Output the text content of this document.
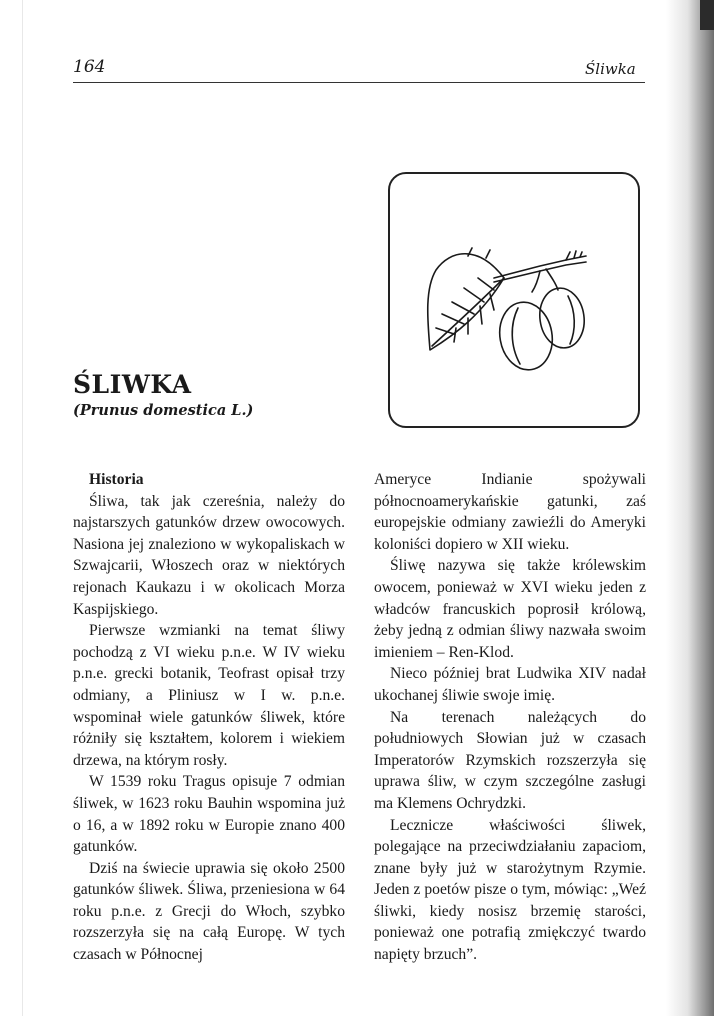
164	Śliwka
ŚLIWKA
(Prunus domestica L.)
Historia

Śliwa, tak jak czereśnia, należy do najstarszych gatunków drzew owocowych. Nasiona jej znaleziono w wykopaliskach w Szwajcarii, Włoszech oraz w niektórych rejonach Kaukazu i w okolicach Morza Kaspijskiego.

Pierwsze wzmianki na temat śliwy pochodzą z VI wieku p.n.e. W IV wieku p.n.e. grecki botanik, Teofrast opisał trzy odmiany, a Pliniusz w I w. p.n.e. wspominał wiele gatunków śliwek, które różniły się kształtem, kolorem i wiekiem drzewa, na którym rosły.

W 1539 roku Tragus opisuje 7 odmian śliwek, w 1623 roku Bauhin wspomina już o 16, a w 1892 roku w Europie znano 400 gatunków.

Dziś na świecie uprawia się około 2500 gatunków śliwek. Śliwa, przeniesiona w 64 roku p.n.e. z Grecji do Włoch, szybko rozszerzyła się na całą Europę. W tych czasach w Północnej

Ameryce Indianie spożywali północnoamerykańskie gatunki, zaś europejskie odmiany zawieźli do Ameryki koloniści dopiero w XII wieku.

Śliwę nazywa się także królewskim owocem, ponieważ w XVI wieku jeden z władców francuskich poprosił królową, żeby jedną z odmian śliwy nazwała swoim imieniem – Ren-Klod.

Nieco później brat Ludwika XIV nadał ukochanej śliwie swoje imię.

Na terenach należących do południowych Słowian już w czasach Imperatorów Rzymskich rozszerzyła się uprawa śliw, w czym szczególne zasługi ma Klemens Ochrydzki.

Lecznicze właściwości śliwek, polegające na przeciwdziałaniu zapaciom, znane były już w starożytnym Rzymie. Jeden z poetów pisze o tym, mówiąc: „Weź śliwki, kiedy nosisz brzemię starości, ponieważ one potrafią zmiękczyć twardo napięty brzuch”.
